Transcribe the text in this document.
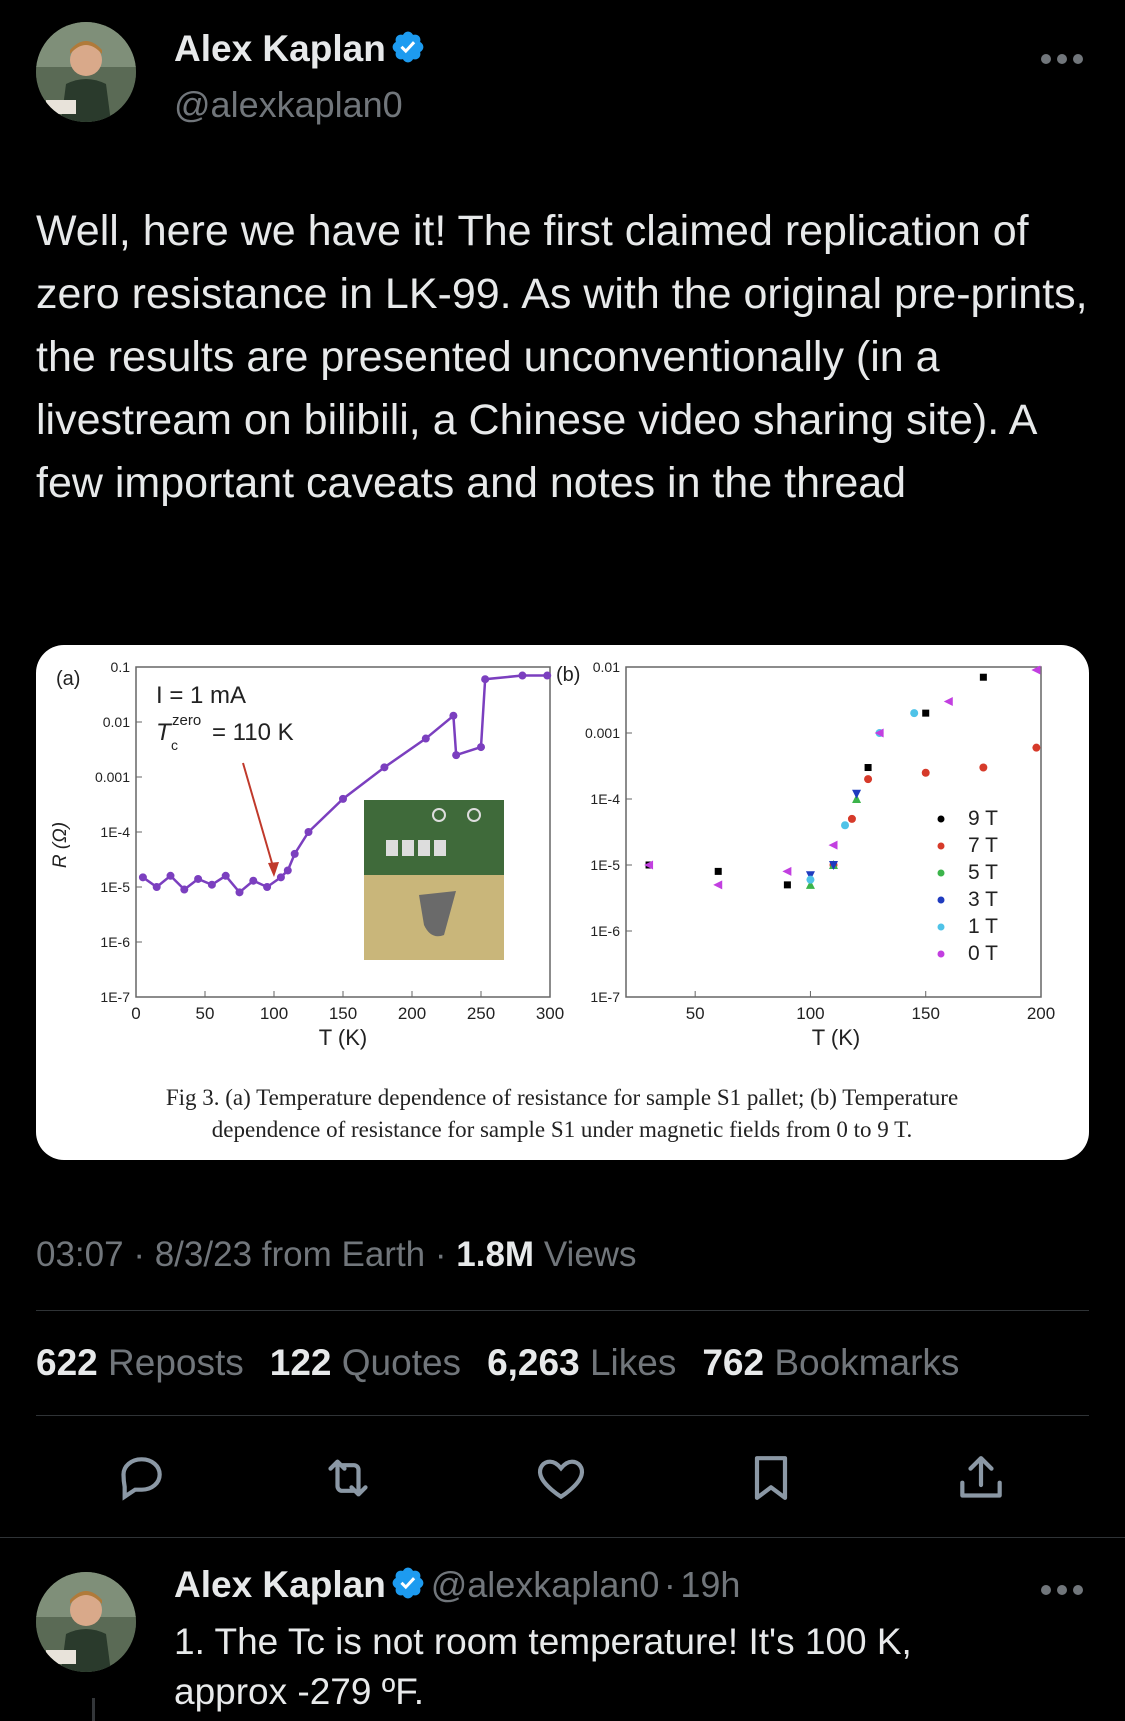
Alex Kaplan
@alexkaplan0
Well, here we have it! The first claimed replication of zero resistance in LK-99. As with the original pre-prints, the results are presented unconventionally (in a livestream on bilibili, a Chinese video sharing site). A few important caveats and notes in the thread
(a)
0.1
0.01
0.001
1E-4
1E-5
1E-6
1E-7
0	50	100 150 200 250 300
R (Ω)
T (K)
I = 1 mA
T c
zero = 110 K
(b) 0.01
0.001
1E-4
1E-5
1E-6
1E-7
50	100	150	200
T (K)
9 T
7 T
5 T
3 T
1 T
0 T
Fig 3. (a) Temperature dependence of resistance for sample S1 pallet; (b) Temperature
dependence of resistance for sample S1 under magnetic fields from 0 to 9 T.
03:07 · 8/3/23 from Earth · 1.8M Views
622 Reposts 122 Quotes 6,263 Likes 762 Bookmarks
Alex Kaplan @alexkaplan0 · 19h
1. The Tc is not room temperature! It's 100 K,
approx -279 ºF.
